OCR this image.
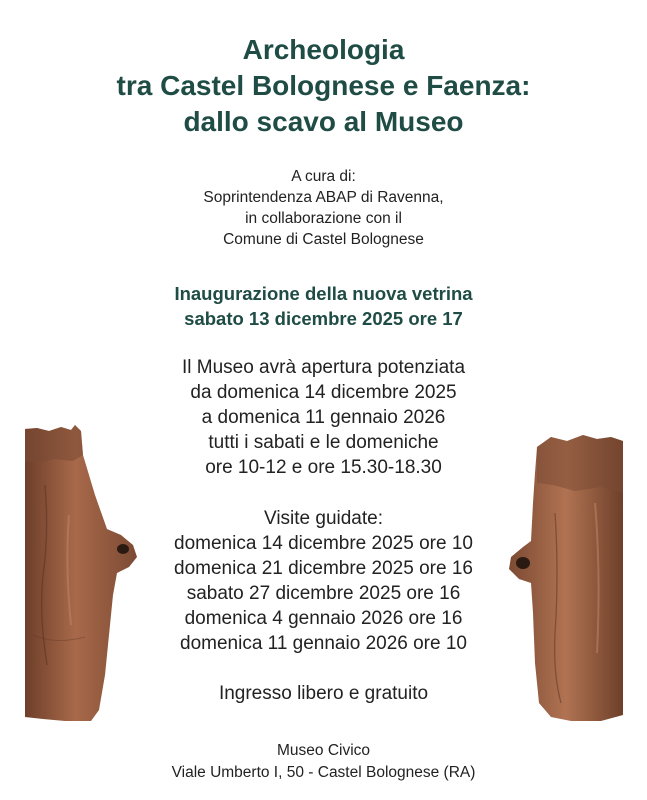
Archeologia
tra Castel Bolognese e Faenza:
dallo scavo al Museo
A cura di:
Soprintendenza ABAP di Ravenna,
in collaborazione con il
Comune di Castel Bolognese
Inaugurazione della nuova vetrina
sabato 13 dicembre 2025 ore 17
Il Museo avrà apertura potenziata
da domenica 14 dicembre 2025
a domenica 11 gennaio 2026
tutti i sabati e le domeniche
ore 10-12 e ore 15.30-18.30
Visite guidate:
domenica 14 dicembre 2025 ore 10
domenica 21 dicembre 2025 ore 16
sabato 27 dicembre 2025 ore 16
domenica 4 gennaio 2026 ore 16
domenica 11 gennaio 2026 ore 10
Ingresso libero e gratuito
Museo Civico
Viale Umberto I, 50 - Castel Bolognese (RA)
